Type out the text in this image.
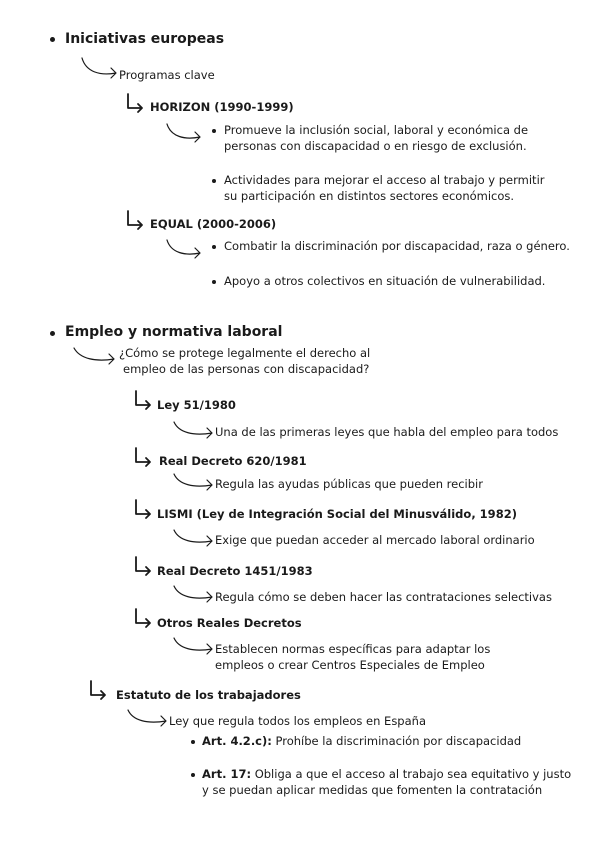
Iniciativas europeas
Programas clave
HORIZON (1990-1999)
Promueve la inclusión social, laboral y económica de
personas con discapacidad o en riesgo de exclusión.
Actividades para mejorar el acceso al trabajo y permitir
su participación en distintos sectores económicos.
EQUAL (2000-2006)
Combatir la discriminación por discapacidad, raza o género.
Apoyo a otros colectivos en situación de vulnerabilidad.
Empleo y normativa laboral
¿Cómo se protege legalmente el derecho al
empleo de las personas con discapacidad?
Ley 51/1980
Una de las primeras leyes que habla del empleo para todos
Real Decreto 620/1981
Regula las ayudas públicas que pueden recibir
LISMI (Ley de Integración Social del Minusválido, 1982)
Exige que puedan acceder al mercado laboral ordinario
Real Decreto 1451/1983
Regula cómo se deben hacer las contrataciones selectivas
Otros Reales Decretos
Establecen normas específicas para adaptar los
empleos o crear Centros Especiales de Empleo
Estatuto de los trabajadores
Ley que regula todos los empleos en España
Art. 4.2.c): Prohíbe la discriminación por discapacidad
Art. 17: Obliga a que el acceso al trabajo sea equitativo y justo
y se puedan aplicar medidas que fomenten la contratación
